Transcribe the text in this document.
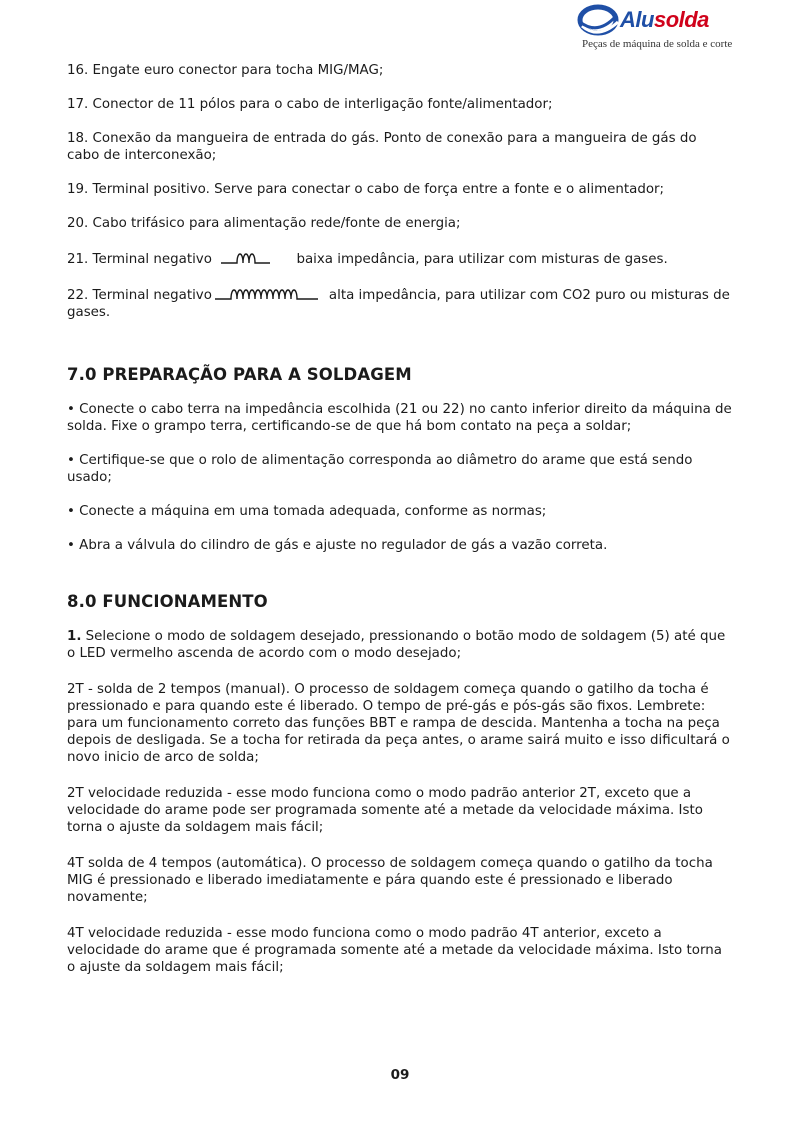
Alusolda
Peças de máquina de solda e corte

16. Engate euro conector para tocha MIG/MAG;

17. Conector de 11 pólos para o cabo de interligação fonte/alimentador;

18. Conexão da mangueira de entrada do gás. Ponto de conexão para a mangueira de gás do cabo de interconexão;

19. Terminal positivo. Serve para conectar o cabo de força entre a fonte e o alimentador;

20. Cabo trifásico para alimentação rede/fonte de energia;

21. Terminal negativo	baixa impedância, para utilizar com misturas de gases.

22. Terminal negativo	alta impedância, para utilizar com CO2 puro ou misturas de gases.

7.0 PREPARAÇÃO PARA A SOLDAGEM

• Conecte o cabo terra na impedância escolhida (21 ou 22) no canto inferior direito da máquina de solda. Fixe o grampo terra, certificando-se de que há bom contato na peça a soldar;

• Certifique-se que o rolo de alimentação corresponda ao diâmetro do arame que está sendo usado;

• Conecte a máquina em uma tomada adequada, conforme as normas;

• Abra a válvula do cilindro de gás e ajuste no regulador de gás a vazão correta.

8.0 FUNCIONAMENTO

1. Selecione o modo de soldagem desejado, pressionando o botão modo de soldagem (5) até que o LED vermelho ascenda de acordo com o modo desejado;

2T - solda de 2 tempos (manual). O processo de soldagem começa quando o gatilho da tocha é pressionado e para quando este é liberado. O tempo de pré-gás e pós-gás são fixos. Lembrete: para um funcionamento correto das funções BBT e rampa de descida. Mantenha a tocha na peça depois de desligada. Se a tocha for retirada da peça antes, o arame sairá muito e isso dificultará o novo inicio de arco de solda;

2T velocidade reduzida - esse modo funciona como o modo padrão anterior 2T, exceto que a velocidade do arame pode ser programada somente até a metade da velocidade máxima. Isto torna o ajuste da soldagem mais fácil;

4T solda de 4 tempos (automática). O processo de soldagem começa quando o gatilho da tocha MIG é pressionado e liberado imediatamente e pára quando este é pressionado e liberado novamente;

4T velocidade reduzida - esse modo funciona como o modo padrão 4T anterior, exceto a velocidade do arame que é programada somente até a metade da velocidade máxima. Isto torna o ajuste da soldagem mais fácil;

09
